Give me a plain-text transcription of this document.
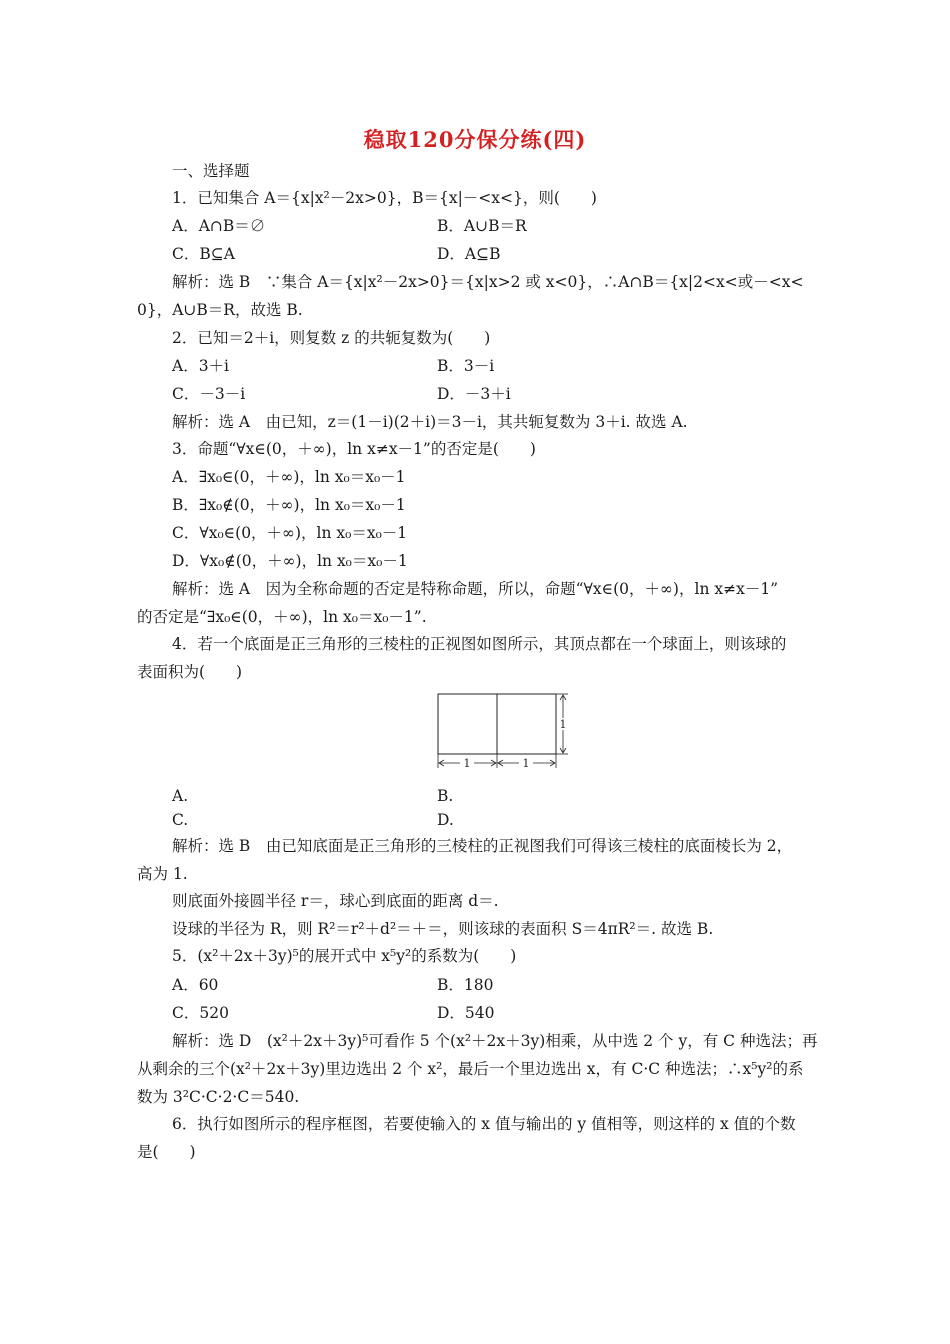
稳取120分保分练(四)
一、选择题
1．已知集合 A＝{x|x²－2x>0}，B＝{x|－<x<}，则(　　)
A．A∩B＝∅	B．A∪B＝R
C．B⊆A	D．A⊆B
解析：选 B　∵集合 A＝{x|x²－2x>0}＝{x|x>2 或 x<0}，∴A∩B＝{x|2<x<或－<x<
0}，A∪B＝R，故选 B.
2．已知＝2＋i，则复数 z 的共轭复数为(　　)
A．3＋i	B．3－i
C．－3－i	D．－3＋i
解析：选 A　由已知，z＝(1－i)(2＋i)＝3－i，其共轭复数为 3＋i. 故选 A.
3．命题“∀x∈(0，＋∞)，ln x≠x－1”的否定是(　　)
A．∃x₀∈(0，＋∞)，ln x₀＝x₀－1
B．∃x₀∉(0，＋∞)，ln x₀＝x₀－1
C．∀x₀∈(0，＋∞)，ln x₀＝x₀－1
D．∀x₀∉(0，＋∞)，ln x₀＝x₀－1
解析：选 A　因为全称命题的否定是特称命题，所以，命题“∀x∈(0，＋∞)，ln x≠x－1”
的否定是“∃x₀∈(0，＋∞)，ln x₀＝x₀－1”.
4．若一个底面是正三角形的三棱柱的正视图如图所示，其顶点都在一个球面上，则该球的
表面积为(　　)
1
1	1
A.	B.
C.	D.
解析：选 B　由已知底面是正三角形的三棱柱的正视图我们可得该三棱柱的底面棱长为 2，
高为 1.
则底面外接圆半径 r＝，球心到底面的距离 d＝.
设球的半径为 R，则 R²＝r²＋d²＝＋＝，则该球的表面积 S＝4πR²＝. 故选 B.
5．(x²＋2x＋3y)⁵的展开式中 x⁵y²的系数为(　　)
A．60	B．180
C．520	D．540
解析：选 D　(x²＋2x＋3y)⁵可看作 5 个(x²＋2x＋3y)相乘，从中选 2 个 y，有 C 种选法；再
从剩余的三个(x²＋2x＋3y)里边选出 2 个 x²，最后一个里边选出 x，有 C·C 种选法；∴x⁵y²的系
数为 3²C·C·2·C＝540.
6．执行如图所示的程序框图，若要使输入的 x 值与输出的 y 值相等，则这样的 x 值的个数
是(　　)
